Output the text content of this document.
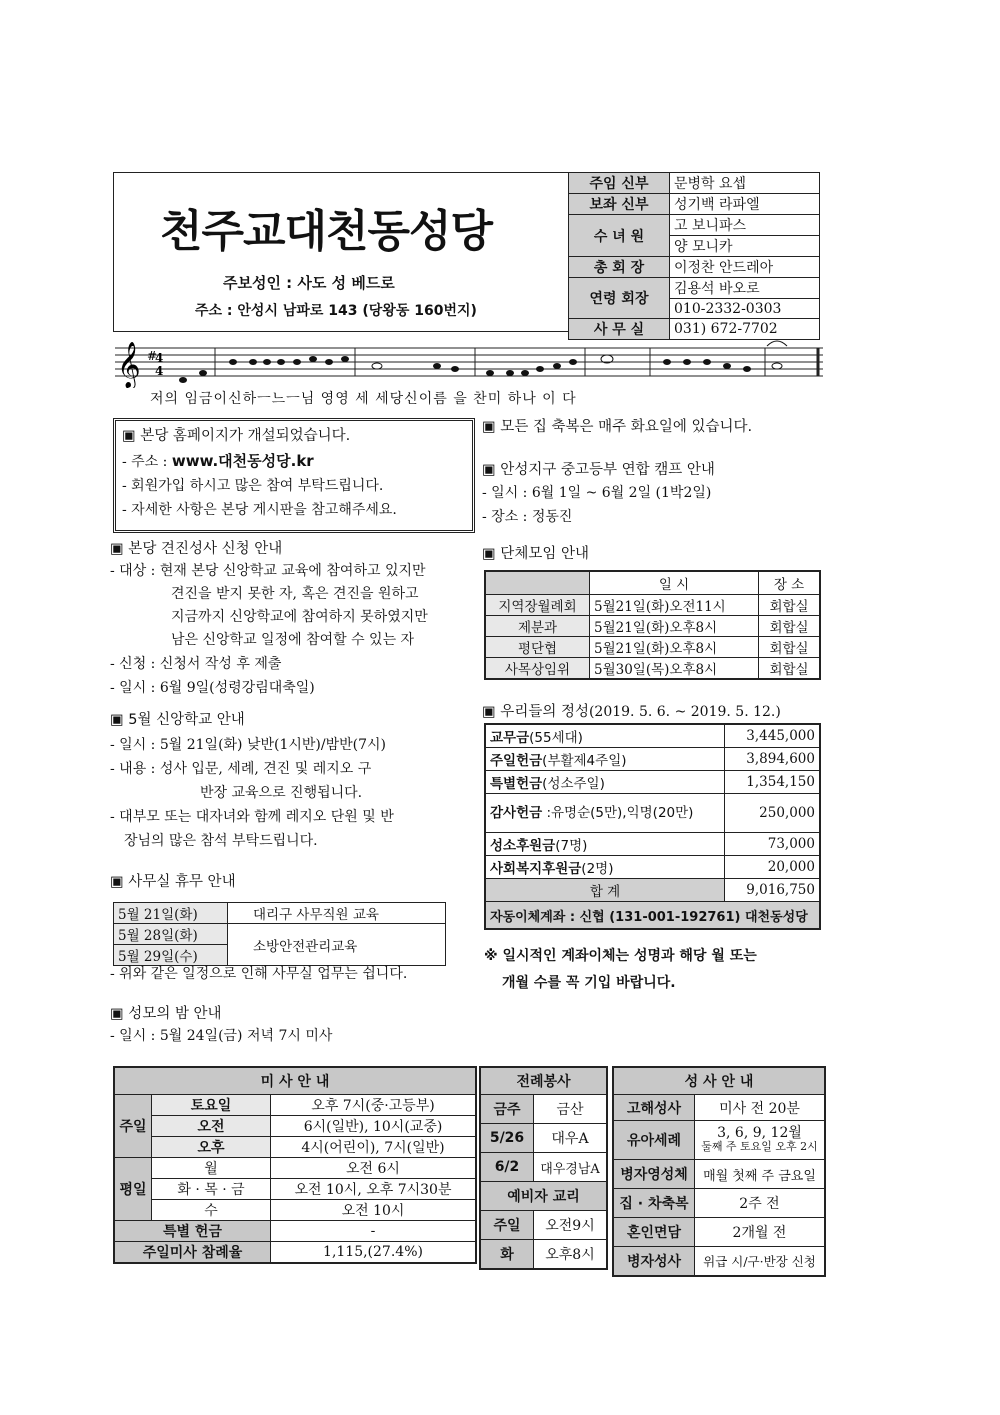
천주교대천동성당
주보성인 : 사도 성 베드로
주소 : 안성시 남파로 143 (당왕동 160번지)
주임 신부	문병학 요셉
보좌 신부	성기백 라파엘
수 녀 원	고 보니파스
	양 모니카
총 회 장	이정찬 안드레아
연령 회장	김용석 바오로
	010-2332-0303
사 무 실	031) 672-7702
𝄞 #
4
4
저의 임금이신하ㅡ느ㅡ님 영영 세 세당신이름 을 찬미 하나 이 다
▣ 본당 홈페이지가 개설되었습니다.
- 주소 : www.대천동성당.kr
- 회원가입 하시고 많은 참여 부탁드립니다.
- 자세한 사항은 본당 게시판을 참고해주세요.
▣ 본당 견진성사 신청 안내
- 대상 : 현재 본당 신앙학교 교육에 참여하고 있지만
견진을 받지 못한 자, 혹은 견진을 원하고
지금까지 신앙학교에 참여하지 못하였지만
남은 신앙학교 일정에 참여할 수 있는 자
- 신청 : 신청서 작성 후 제출
- 일시 : 6월 9일(성령강림대축일)
▣ 5월 신앙학교 안내
- 일시 : 5월 21일(화) 낮반(1시반)/밤반(7시)
- 내용 : 성사 입문, 세례, 견진 및 레지오 구
반장 교육으로 진행됩니다.
- 대부모 또는 대자녀와 함께 레지오 단원 및 반
장님의 많은 참석 부탁드립니다.
▣ 사무실 휴무 안내
5월 21일(화)	대리구 사무직원 교육
5월 28일(화)	소방안전관리교육
5월 29일(수)	
- 위와 같은 일정으로 인해 사무실 업무는 쉽니다.
▣ 성모의 밤 안내
- 일시 : 5월 24일(금) 저녁 7시 미사
▣ 모든 집 축복은 매주 화요일에 있습니다.
▣ 안성지구 중고등부 연합 캠프 안내
- 일시 : 6월 1일 ~ 6월 2일 (1박2일)
- 장소 : 정동진
▣ 단체모임 안내
	일 시	장 소
지역장월례회	5월21일(화)오전11시	회합실
제분과	5월21일(화)오후8시	회합실
평단협	5월21일(화)오후8시	회합실
사목상임위	5월30일(목)오후8시	회합실
▣ 우리들의 정성(2019. 5. 6. ~ 2019. 5. 12.)
교무금(55세대)	3,445,000
주일헌금(부활제4주일)	3,894,600
특별헌금(성소주일)	1,354,150
감사헌금 :유명순(5만),익명(20만)	250,000
성소후원금(7명)	73,000
사회복지후원금(2명)	20,000
합 계	9,016,750
자동이체계좌 : 신협 (131-001-192761) 대천동성당	
※ 일시적인 계좌이체는 성명과 해당 월 또는
개월 수를 꼭 기입 바랍니다.
미 사 안 내		
주일	토요일	오후 7시(중·고등부)
	오전	6시(일반), 10시(교중)
	오후	4시(어린이), 7시(일반)
평일	월	오전 6시
	화 · 목 · 금	오전 10시, 오후 7시30분
	수	오전 10시
특별 헌금		-
주일미사 참례율		1,115,(27.4%)
전례봉사	
금주	금산
5/26	대우A
6/2	대우경남A
예비자 교리	
주일	오전9시
화	오후8시
성 사 안 내	
고해성사	미사 전 20분
유아세례	3, 6, 9, 12월
둘째 주 토요일 오후 2시

병자영성체	매월 첫째 주 금요일
집 · 차축복	2주 전
혼인면담	2개월 전
병자성사	위급 시/구·반장 신청
